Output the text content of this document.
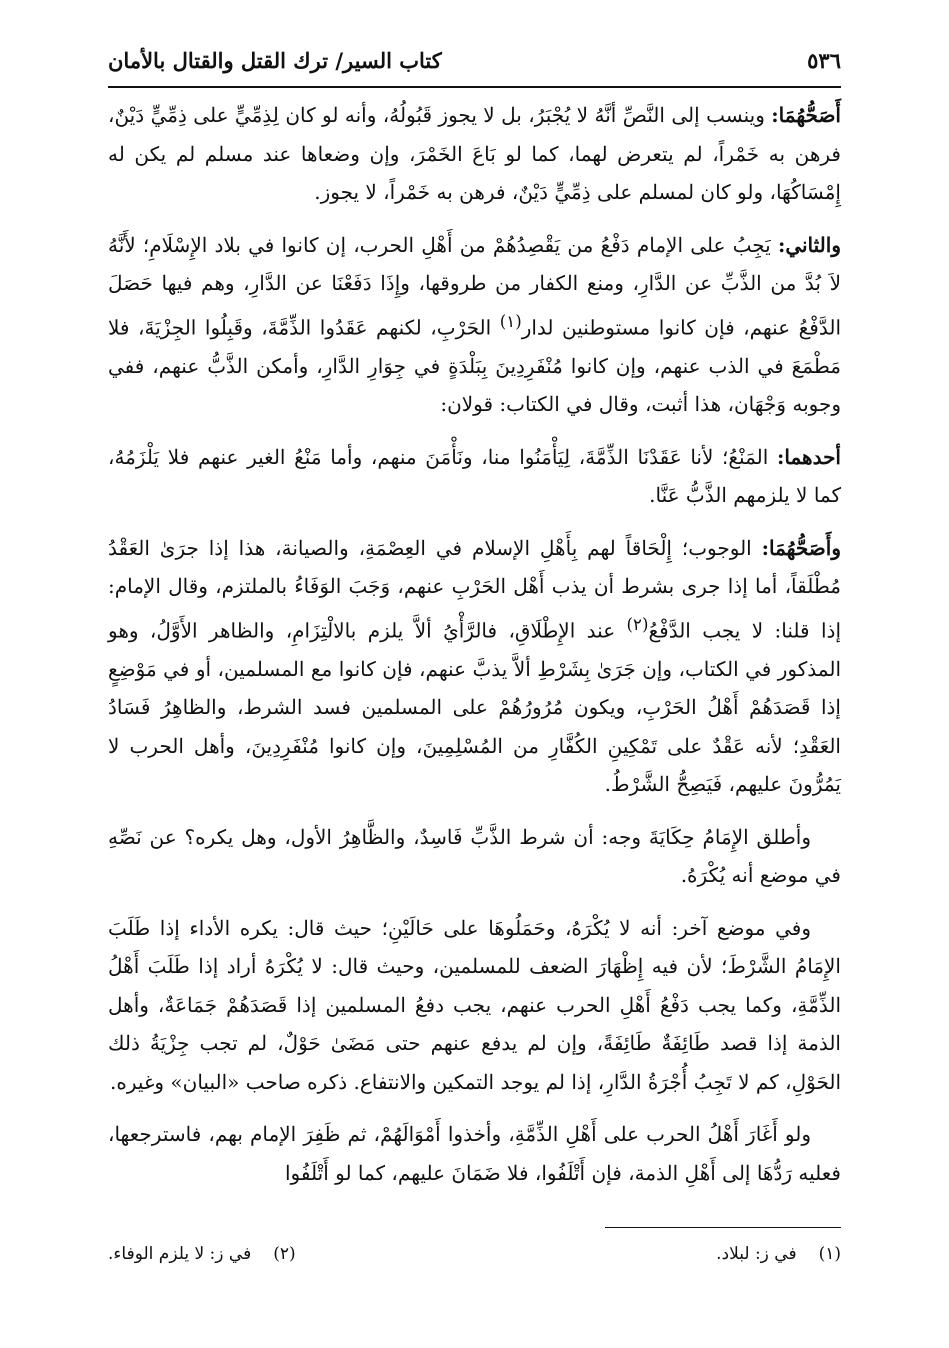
٥٣٦
كتاب السير/ ترك القتل والقتال بالأمان

أَصَحُّهُمَا: وينسب إلى النَّصِّ أنَّهُ لا يُجْبَرُ، بل لا يجوز قَبُولُهُ، وأنه لو كان لِذِمِّيٍّ على ذِمِّيٍّ دَيْنٌ، فرهن به خَمْراً، لم يتعرض لهما، كما لو بَاعَ الخَمْرَ، وإن وضعاها عند مسلم لم يكن له إِمْسَاكُهَا، ولو كان لمسلم على ذِمِّيٍّ دَيْنٌ، فرهن به خَمْراً، لا يجوز.

والثاني: يَجِبُ على الإمام دَفْعُ من يَقْصِدُهُمْ من أَهْلِ الحرب، إن كانوا في بلاد الإِسْلَامِ؛ لأَنَّهُ لاَ بُدَّ من الذَّبِّ عن الدَّارِ، ومنع الكفار من طروقها، وإِذَا دَفَعْنَا عن الدَّارِ، وهم فيها حَصَلَ الدَّفْعُ عنهم، فإن كانوا مستوطنين لدار$^{(١)}$ الحَرْبِ، لكنهم عَقَدُوا الذِّمَّةَ، وقَبِلُوا الجِزْيَةَ، فلا مَطْمَعَ في الذب عنهم، وإن كانوا مُنْفَرِدِينَ بِبَلْدَةٍ في جِوَارِ الدَّارِ، وأمكن الذَّبُّ عنهم، ففي وجوبه وَجْهَان، هذا أثبت، وقال في الكتاب: قولان:

أحدهما: المَنْعُ؛ لأنا عَقَدْنَا الذِّمَّةَ، لِيَأْمَنُوا منا، ونَأْمَنَ منهم، وأما مَنْعُ الغير عنهم فلا يَلْزَمُهُ، كما لا يلزمهم الذَّبُّ عَنَّا.

وأَصَحُّهُمَا: الوجوب؛ إِلْحَاقاً لهم بِأَهْلِ الإسلام في العِصْمَةِ، والصيانة، هذا إذا جرَىٰ العَقْدُ مُطْلَقاً، أما إذا جرى بشرط أن يذب أَهْل الحَرْبِ عنهم، وَجَبَ الوَفَاءُ بالملتزم، وقال الإمام: إذا قلنا: لا يجب الدَّفْعُ$^{(٢)}$ عند الإِطْلَاقِ، فالرَّأْيُ ألاَّ يلزم بالالْتِزَامِ، والظاهر الأَوَّلُ، وهو المذكور في الكتاب، وإن جَرَىٰ بِشَرْطِ ألاَّ يذبَّ عنهم، فإن كانوا مع المسلمين، أو في مَوْضِعٍ إذا قَصَدَهُمْ أَهْلُ الحَرْبِ، ويكون مُرُورُهُمْ على المسلمين فسد الشرط، والظاهِرُ فَسَادُ العَقْدِ؛ لأنه عَقْدٌ على تَمْكِينِ الكُفَّارِ من المُسْلِمِينَ، وإن كانوا مُنْفَرِدِينَ، وأهل الحرب لا يَمُرُّونَ عليهم، فَيَصِحُّ الشَّرْطُ.

وأطلق الإِمَامُ حِكَايَةَ وجه: أن شرط الذَّبِّ فَاسِدٌ، والظَّاهِرُ الأول، وهل يكره؟ عن نَصِّهِ في موضع أنه يُكْرَهُ.

وفي موضع آخر: أنه لا يُكْرَهُ، وحَمَلُوهَا على حَالَيْنِ؛ حيث قال: يكره الأداء إذا طَلَبَ الإِمَامُ الشَّرْطَ؛ لأن فيه إِظْهَارَ الضعف للمسلمين، وحيث قال: لا يُكْرَهُ أراد إذا طَلَبَ أَهْلُ الذِّمَّةِ، وكما يجب دَفْعُ أَهْلِ الحرب عنهم، يجب دفعُ المسلمين إذا قَصَدَهُمْ جَمَاعَةٌ، وأهل الذمة إذا قصد طَائِفَةٌ طَائِفَةً، وإن لم يدفع عنهم حتى مَضَىٰ حَوْلٌ، لم تجب جِزْيَةُ ذلك الحَوْلِ، كم لا تَجِبُ أُجْرَةُ الدَّارِ، إذا لم يوجد التمكين والانتفاع. ذكره صاحب «البيان» وغيره.

ولو أَغَارَ أَهْلُ الحرب على أَهْلِ الذِّمَّةِ، وأخذوا أَمْوَالَهُمْ، ثم ظَفِرَ الإمام بهم، فاسترجعها، فعليه رَدُّهَا إلى أَهْلِ الذمة، فإن أَتْلَفُوا، فلا ضَمَانَ عليهم، كما لو أَتْلَفُوا

(١)
في ز: لبلاد.
(٢)
في ز: لا يلزم الوفاء.
